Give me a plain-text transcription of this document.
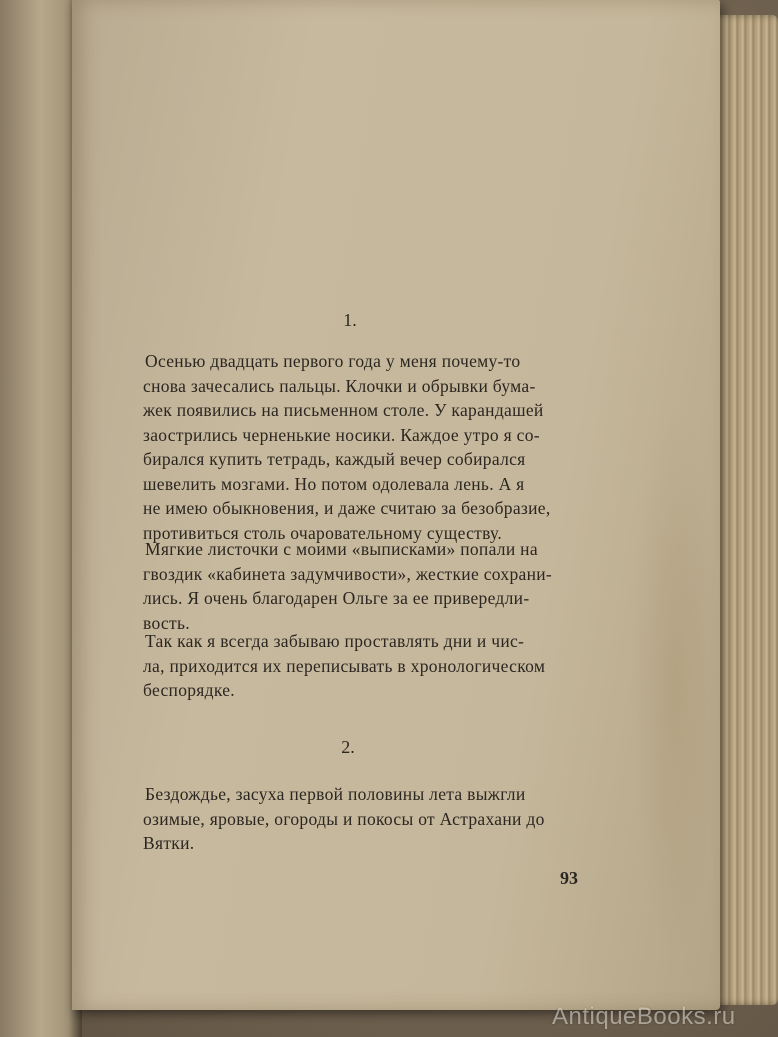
1.

Осенью двадцать первого года у меня почему-то
снова зачесались пальцы. Клочки и обрывки бума-
жек появились на письменном столе. У карандашей
заострились черненькие носики. Каждое утро я со-
бирался купить тетрадь, каждый вечер собирался
шевелить мозгами. Но потом одолевала лень. А я
не имею обыкновения, и даже считаю за безобразие,
противиться столь очаровательному существу.

Мягкие листочки с моими «выписками» попали на
гвоздик «кабинета задумчивости», жесткие сохрани-
лись. Я очень благодарен Ольге за ее привередли-
вость.

Так как я всегда забываю проставлять дни и чис-
ла, приходится их переписывать в хронологическом
беспорядке.

2.

Бездождье, засуха первой половины лета выжгли
озимые, яровые, огороды и покосы от Астрахани до
Вятки.

93
AntiqueBooks.ru
